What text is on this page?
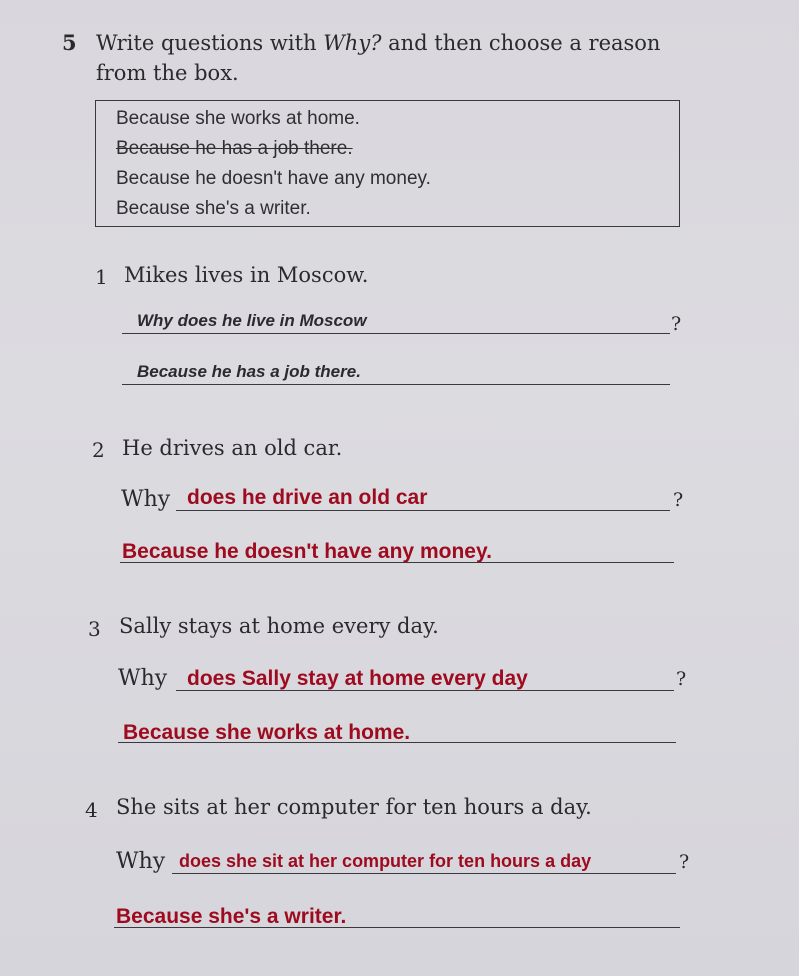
5 Write questions with Why? and then choose a reason from the box.
Because she works at home.
Because he has a job there.
Because he doesn't have any money.
Because she's a writer.
1 Mikes lives in Moscow.
Why does he live in Moscow	?
Because he has a job there.
2 He drives an old car.
Why does he drive an old car	?
Because he doesn't have any money.
3 Sally stays at home every day.
Why does Sally stay at home every day	?
Because she works at home.
4 She sits at her computer for ten hours a day.
Why does she sit at her computer for ten hours a day	?
Because she's a writer.
